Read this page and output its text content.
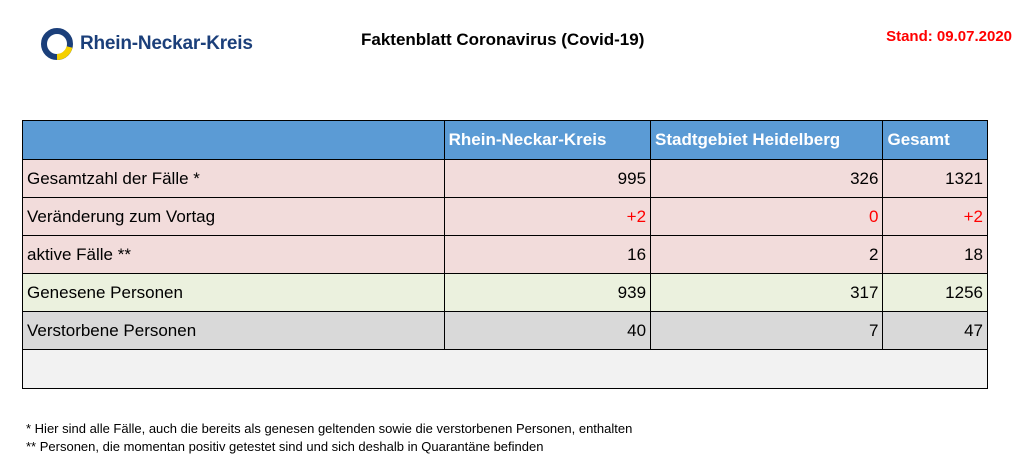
Rhein-Neckar-Kreis	Faktenblatt Coronavirus (Covid-19)	Stand: 09.07.2020
	Rhein-Neckar-Kreis	Stadtgebiet Heidelberg	Gesamt
Gesamtzahl der Fälle *	995	326	1321
Veränderung zum Vortag	+2	0	+2
aktive Fälle **	16	2	18
Genesene Personen	939	317	1256
Verstorbene Personen	40	7	47

* Hier sind alle Fälle, auch die bereits als genesen geltenden sowie die verstorbenen Personen, enthalten
** Personen, die momentan positiv getestet sind und sich deshalb in Quarantäne befinden
